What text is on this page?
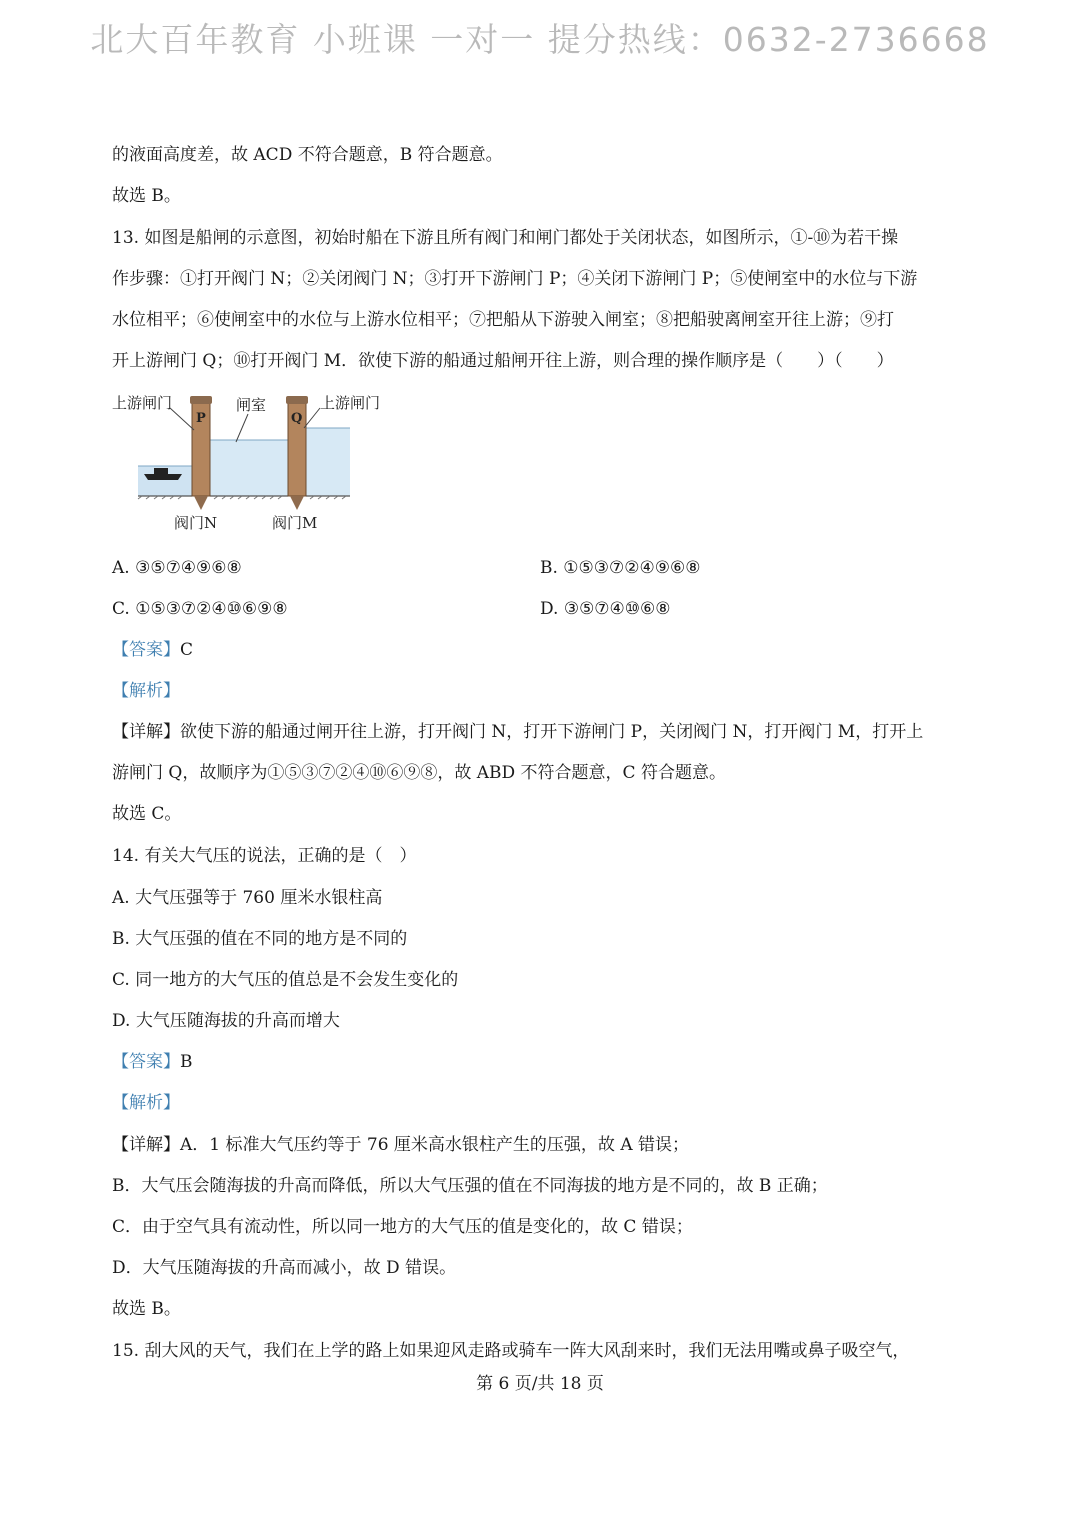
北大百年教育 小班课 一对一 提分热线：0632-2736668
的液面高度差，故 ACD 不符合题意，B 符合题意。
故选 B。
13. 如图是船闸的示意图，初始时船在下游且所有阀门和闸门都处于关闭状态，如图所示，①-⑩为若干操
作步骤：①打开阀门 N；②关闭阀门 N；③打开下游闸门 P；④关闭下游闸门 P；⑤使闸室中的水位与下游
水位相平；⑥使闸室中的水位与上游水位相平；⑦把船从下游驶入闸室；⑧把船驶离闸室开往上游；⑨打
开上游闸门 Q；⑩打开阀门 M．欲使下游的船通过船闸开往上游，则合理的操作顺序是（　　）（　　）
上游闸门	闸室	上游闸门
P	Q
阀门N	阀门M
A. ③⑤⑦④⑨⑥⑧	B. ①⑤③⑦②④⑨⑥⑧
C. ①⑤③⑦②④⑩⑥⑨⑧	D. ③⑤⑦④⑩⑥⑧
【答案】C
【解析】
【详解】欲使下游的船通过闸开往上游，打开阀门 N，打开下游闸门 P，关闭阀门 N，打开阀门 M，打开上
游闸门 Q，故顺序为①⑤③⑦②④⑩⑥⑨⑧，故 ABD 不符合题意，C 符合题意。
故选 C。
14. 有关大气压的说法，正确的是（　）
A. 大气压强等于 760 厘米水银柱高
B. 大气压强的值在不同的地方是不同的
C. 同一地方的大气压的值总是不会发生变化的
D. 大气压随海拔的升高而增大
【答案】B
【解析】
【详解】A．1 标准大气压约等于 76 厘米高水银柱产生的压强，故 A 错误；
B．大气压会随海拔的升高而降低，所以大气压强的值在不同海拔的地方是不同的，故 B 正确；
C．由于空气具有流动性，所以同一地方的大气压的值是变化的，故 C 错误；
D．大气压随海拔的升高而减小，故 D 错误。
故选 B。
15. 刮大风的天气，我们在上学的路上如果迎风走路或骑车一阵大风刮来时，我们无法用嘴或鼻子吸空气，
第 6 页/共 18 页
